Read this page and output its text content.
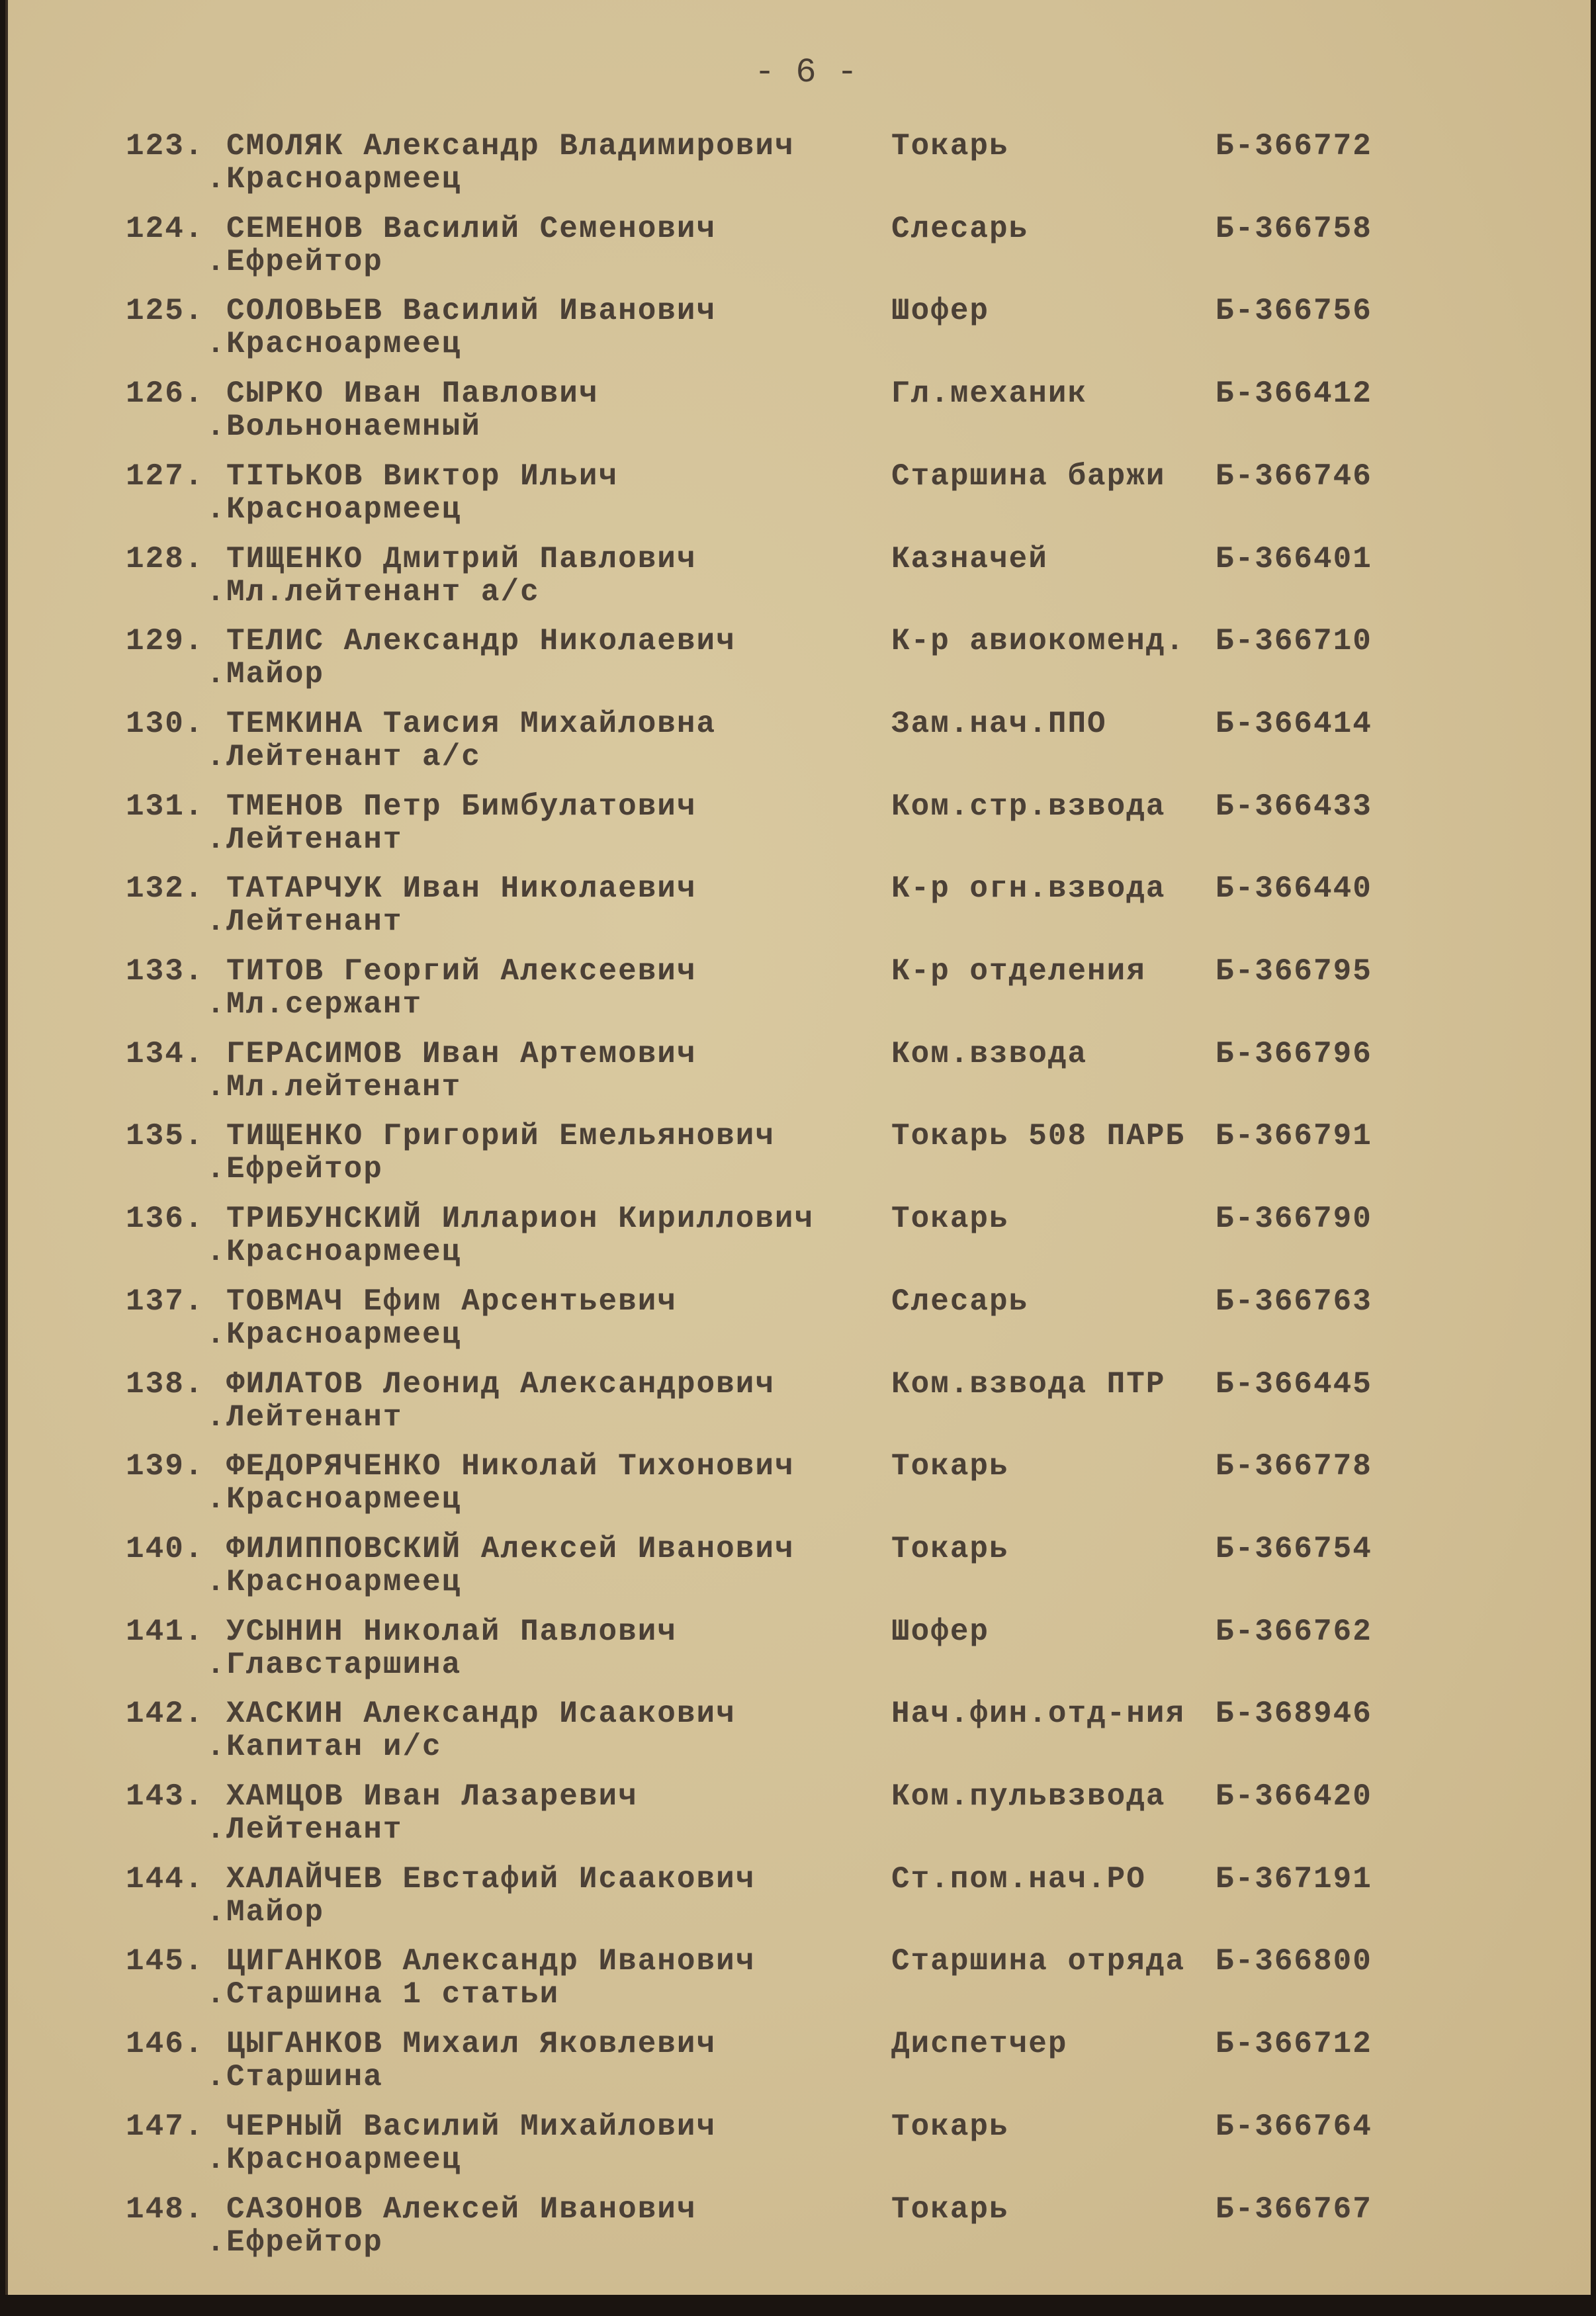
- 6 -
123. СМОЛЯК Александр Владимирович
. Красноармеец
Токарь	Б-366772
124. СЕМЕНОВ Василий Семенович
. Ефрейтор
Слесарь	Б-366758
125. СОЛОВЬЕВ Василий Иванович
. Красноармеец
Шофер	Б-366756
126. СЫРКО Иван Павлович
. Вольнонаемный
Гл.механик	Б-366412
127. ТІТЬКОВ Виктор Ильич
. Красноармеец
Старшина баржи Б-366746
128. ТИЩЕНКО Дмитрий Павлович
. Мл.лейтенант а/с
Казначей	Б-366401
129. ТЕЛИС Александр Николаевич
. Майор
К-р авиокоменд. Б-366710
130. ТЕМКИНА Таисия Михайловна
. Лейтенант а/с
Зам.нач.ППО	Б-366414
131. ТМЕНОВ Петр Бимбулатович
. Лейтенант
Ком.стр.взвода Б-366433
132. ТАТАРЧУК Иван Николаевич
. Лейтенант
К-р огн.взвода Б-366440
133. ТИТОВ Георгий Алексеевич
. Мл.сержант
К-р отделения Б-366795
134. ГЕРАСИМОВ Иван Артемович
. Мл.лейтенант
Ком.взвода	Б-366796
135. ТИЩЕНКО Григорий Емельянович
. Ефрейтор
Токарь 508 ПАРБ Б-366791
136. ТРИБУНСКИЙ Илларион Кириллович
. Красноармеец
Токарь	Б-366790
137. ТОВМАЧ Ефим Арсентьевич
. Красноармеец
Слесарь	Б-366763
138. ФИЛАТОВ Леонид Александрович
. Лейтенант
Ком.взвода ПТР Б-366445
139. ФЕДОРЯЧЕНКО Николай Тихонович
. Красноармеец
Токарь	Б-366778
140. ФИЛИППОВСКИЙ Алексей Иванович
. Красноармеец
Токарь	Б-366754
141. УСЫНИН Николай Павлович
. Главстаршина
Шофер	Б-366762
142. ХАСКИН Александр Исаакович
. Капитан и/с
Нач.фин.отд-ния Б-368946
143. ХАМЦОВ Иван Лазаревич
. Лейтенант
Ком.пульвзвода Б-366420
144. ХАЛАЙЧЕВ Евстафий Исаакович
. Майор
Ст.пом.нач.РО Б-367191
145. ЦИГАНКОВ Александр Иванович
. Старшина 1 статьи
Старшина отряда Б-366800
146. ЦЫГАНКОВ Михаил Яковлевич
. Старшина
Диспетчер	Б-366712
147. ЧЕРНЫЙ Василий Михайлович
. Красноармеец
Токарь	Б-366764
148. САЗОНОВ Алексей Иванович
. Ефрейтор
Токарь	Б-366767
